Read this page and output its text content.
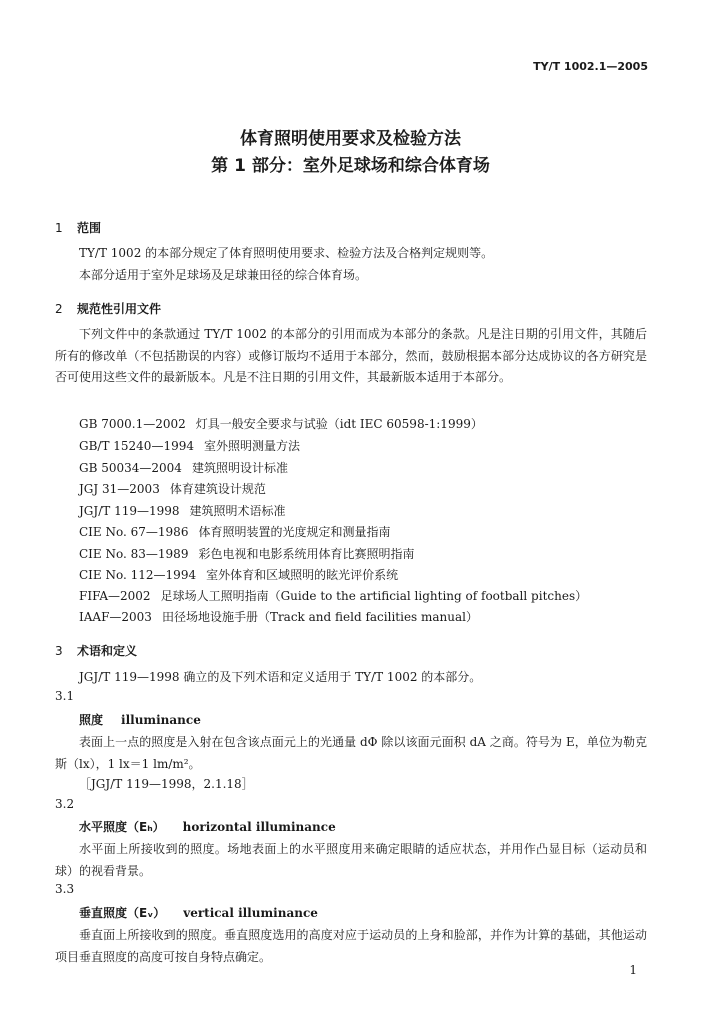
TY/T 1002.1—2005
体育照明使用要求及检验方法
第 1 部分：室外足球场和综合体育场
1 范围
TY/T 1002 的本部分规定了体育照明使用要求、检验方法及合格判定规则等。
本部分适用于室外足球场及足球兼田径的综合体育场。
2 规范性引用文件
下列文件中的条款通过 TY/T 1002 的本部分的引用而成为本部分的条款。凡是注日期的引用文件，其随后所有的修改单（不包括勘误的内容）或修订版均不适用于本部分，然而，鼓励根据本部分达成协议的各方研究是否可使用这些文件的最新版本。凡是不注日期的引用文件，其最新版本适用于本部分。
GB 7000.1—2002 灯具一般安全要求与试验（idt IEC 60598-1:1999）
GB/T 15240—1994 室外照明测量方法
GB 50034—2004 建筑照明设计标准
JGJ 31—2003 体育建筑设计规范
JGJ/T 119—1998 建筑照明术语标准
CIE No. 67—1986 体育照明装置的光度规定和测量指南
CIE No. 83—1989 彩色电视和电影系统用体育比赛照明指南
CIE No. 112—1994 室外体育和区域照明的眩光评价系统
FIFA—2002 足球场人工照明指南（Guide to the artificial lighting of football pitches）
IAAF—2003 田径场地设施手册（Track and field facilities manual）
3 术语和定义
JGJ/T 119—1998 确立的及下列术语和定义适用于 TY/T 1002 的本部分。
3.1
照度 illuminance
表面上一点的照度是入射在包含该点面元上的光通量 dΦ 除以该面元面积 dA 之商。符号为 E，单位为勒克斯（lx），1 lx＝1 lm/m²。
［JGJ/T 119—1998，2.1.18］
3.2
水平照度（Eₕ） horizontal illuminance
水平面上所接收到的照度。场地表面上的水平照度用来确定眼睛的适应状态，并用作凸显目标（运动员和球）的视看背景。
3.3
垂直照度（Eᵥ） vertical illuminance
垂直面上所接收到的照度。垂直照度选用的高度对应于运动员的上身和脸部，并作为计算的基础，其他运动项目垂直照度的高度可按自身特点确定。
1
